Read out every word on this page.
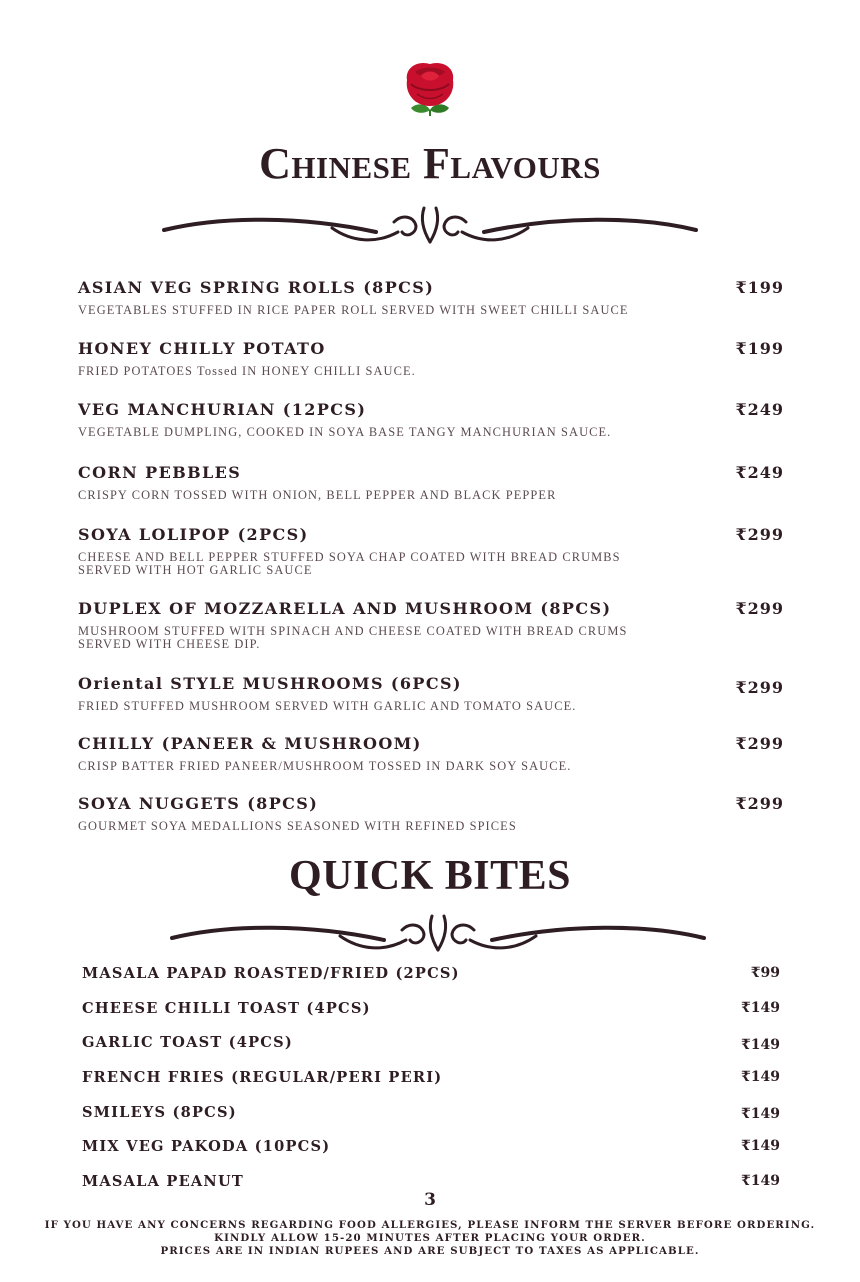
Chinese Flavours
ASIAN VEG SPRING ROLLS (8PCS)	₹199
VEGETABLES STUFFED IN RICE PAPER ROLL SERVED WITH SWEET CHILLI SAUCE
HONEY CHILLY POTATO	₹199
FRIED POTATOES Tossed IN HONEY CHILLI SAUCE.
VEG MANCHURIAN (12PCS)	₹249
VEGETABLE DUMPLING, COOKED IN SOYA BASE TANGY MANCHURIAN SAUCE.
CORN PEBBLES	₹249
CRISPY CORN TOSSED WITH ONION, BELL PEPPER AND BLACK PEPPER
SOYA LOLIPOP (2PCS)	₹299
CHEESE AND BELL PEPPER STUFFED SOYA CHAP COATED WITH BREAD CRUMBS SERVED WITH HOT GARLIC SAUCE
DUPLEX OF MOZZARELLA AND MUSHROOM (8PCS)	₹299
MUSHROOM STUFFED WITH SPINACH AND CHEESE COATED WITH BREAD CRUMS SERVED WITH CHEESE DIP.
Oriental STYLE MUSHROOMS (6PCS)	₹299
FRIED STUFFED MUSHROOM SERVED WITH GARLIC AND TOMATO SAUCE.
CHILLY (PANEER & MUSHROOM)	₹299
CRISP BATTER FRIED PANEER/MUSHROOM TOSSED IN DARK SOY SAUCE.
SOYA NUGGETS (8PCS)	₹299
GOURMET SOYA MEDALLIONS SEASONED WITH REFINED SPICES
QUICK BITES
MASALA PAPAD ROASTED/FRIED (2PCS)	₹99
CHEESE CHILLI TOAST (4PCS)	₹149
GARLIC TOAST (4PCS)	₹149
FRENCH FRIES (REGULAR/PERI PERI)	₹149
SMILEYS (8PCS)	₹149
MIX VEG PAKODA (10PCS)	₹149
MASALA PEANUT	₹149
3
IF YOU HAVE ANY CONCERNS REGARDING FOOD ALLERGIES, PLEASE INFORM THE SERVER BEFORE ORDERING.
KINDLY ALLOW 15-20 MINUTES AFTER PLACING YOUR ORDER.
PRICES ARE IN INDIAN RUPEES AND ARE SUBJECT TO TAXES AS APPLICABLE.
